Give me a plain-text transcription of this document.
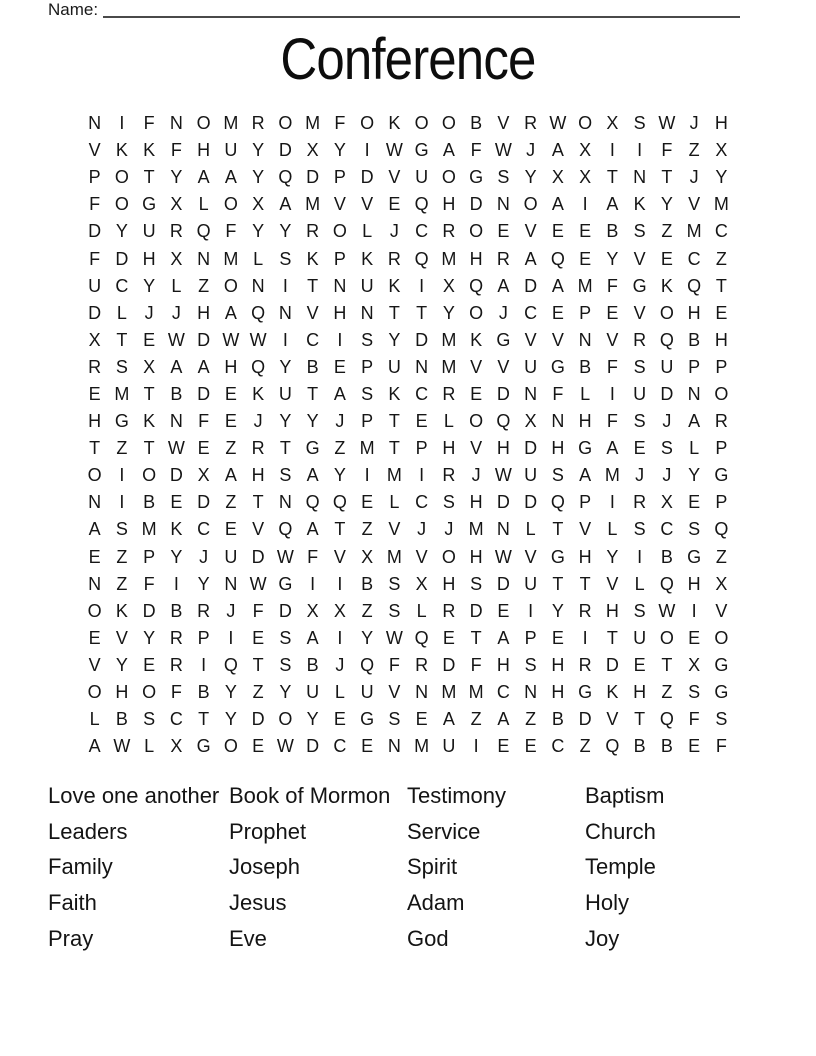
Name:
Conference
N	I	F N O M R O M F O K O O B V R W O X S W J H
V K K F H U Y D X Y	I W G A F W J A X	I	I	F Z X
P O T Y A A Y Q D P D V U O G S Y X X T N T J Y
F O G X L O X A M V V E Q H D N O A	I	A K Y V M
D Y U R Q F Y Y R O L J C R O E V E E B S Z M C
F D H X N M L S K P K R Q M H R A Q E Y V E C Z
U C Y L Z O N	I	T N U K	I	X Q A D A M F G K Q T
D L J	J H A Q N V H N T T Y O J C E P E V O H E
X T E W D W W I	C	I	S Y D M K G V V N V R Q B H
R S X A A H Q Y B E P U N M V V U G B F S U P P
E M T B D E K U T A S K C R E D N F L	I	U D N O
H G K N F E J Y Y J P T E L O Q X N H F S J A R
T Z T W E Z R T G Z M T P H V H D H G A E S L P
O I O D X A H S A Y	I M I	R J W U S A M J	J Y G
N	I	B E D Z T N Q Q E L C S H D D Q P	I	R X E P
A S M K C E V Q A T Z V J	J M N L T V L S C S Q
E Z P Y J U D W F V X M V O H W V G H Y	I	B G Z
N Z F	I	Y N W G I	I	B S X H S D U T T V L Q H X
O K D B R J F D X X Z S L R D E	I	Y R H S W I	V
E V Y R P	I	E S A	I	Y W Q E T A P E	I	T U O E O
V Y E R	I Q T S B J Q F R D F H S H R D E T X G
O H O F B Y Z Y U L U V N M M C N H G K H Z S G
L B S C T Y D O Y E G S E A Z A Z B D V T Q F S
A W L X G O E W D C E N M U	I	E E C Z Q B B E F
Love one another
Leaders
Family
Faith
Pray
Book of Mormon
Prophet
Joseph
Jesus
Eve
Testimony
Service
Spirit
Adam
God
Baptism
Church
Temple
Holy
Joy
